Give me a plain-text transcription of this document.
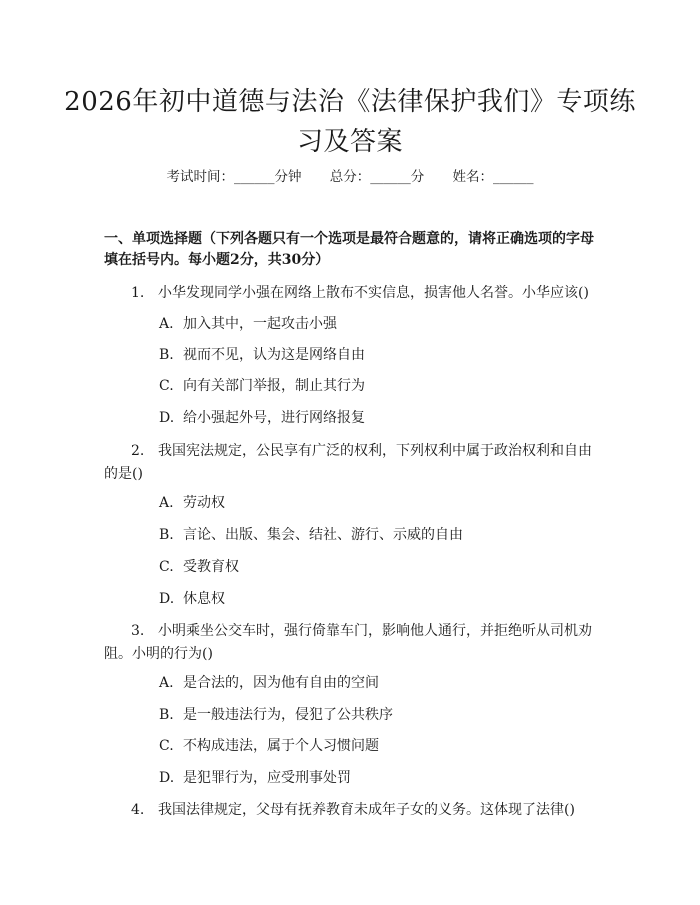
2026年初中道德与法治《法律保护我们》专项练习及答案
考试时间：______分钟 总分：______分 姓名：______
一、单项选择题（下列各题只有一个选项是最符合题意的，请将正确选项的字母填在括号内。每小题2分，共30分）
1. 小华发现同学小强在网络上散布不实信息，损害他人名誉。小华应该()
A. 加入其中，一起攻击小强
B. 视而不见，认为这是网络自由
C. 向有关部门举报，制止其行为
D. 给小强起外号，进行网络报复
2. 我国宪法规定，公民享有广泛的权利，下列权利中属于政治权利和自由的是()
A. 劳动权
B. 言论、出版、集会、结社、游行、示威的自由
C. 受教育权
D. 休息权
3. 小明乘坐公交车时，强行倚靠车门，影响他人通行，并拒绝听从司机劝阻。小明的行为()
A. 是合法的，因为他有自由的空间
B. 是一般违法行为，侵犯了公共秩序
C. 不构成违法，属于个人习惯问题
D. 是犯罪行为，应受刑事处罚
4. 我国法律规定，父母有抚养教育未成年子女的义务。这体现了法律()
